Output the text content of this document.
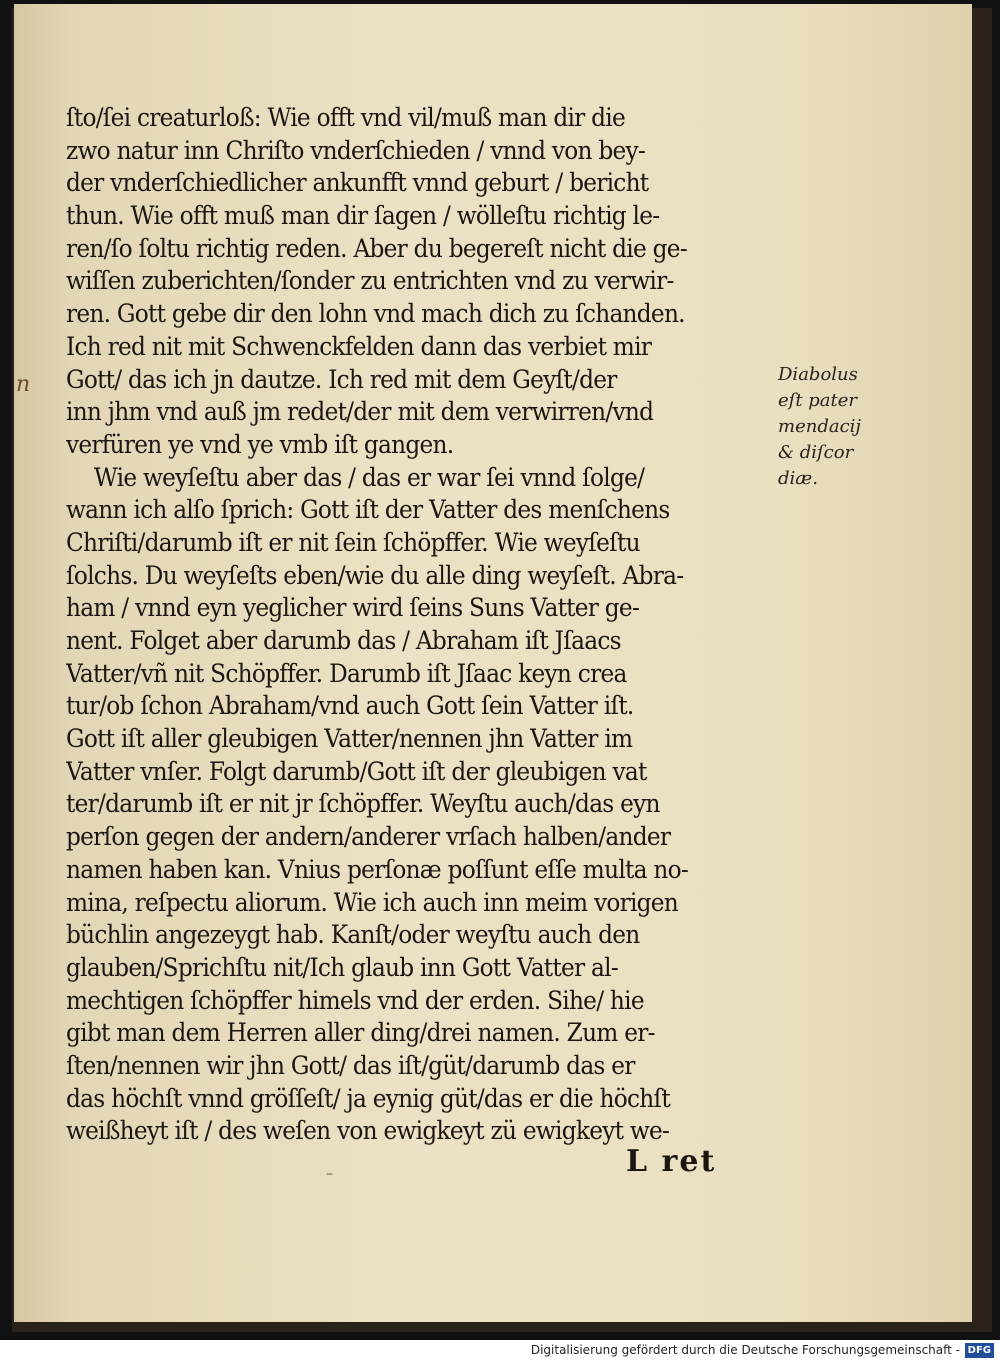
ſto/ſei creaturloß: Wie offt vnd vil/muß man dir die
zwo natur inn Chriſto vnderſchieden / vnnd von bey-
der vnderſchiedlicher ankunfft vnnd geburt / bericht
thun. Wie offt muß man dir ſagen / wölleſtu richtig le-
ren/ſo ſoltu richtig reden. Aber du begereſt nicht die ge-
wiſſen zuberichten/ſonder zu entrichten vnd zu verwir-
ren. Gott gebe dir den lohn vnd mach dich zu ſchanden.
Ich red nit mit Schwenckfelden dann das verbiet mir
Gott/ das ich jn dautze. Ich red mit dem Geyſt/der
inn jhm vnd auß jm redet/der mit dem verwirren/vnd
verfüren ye vnd ye vmb iſt gangen.
Wie weyſeſtu aber das / das er war ſei vnnd ſolge/
wann ich alſo ſprich: Gott iſt der Vatter des menſchens
Chriſti/darumb iſt er nit ſein ſchöpffer. Wie weyſeſtu
ſolchs. Du weyſeſts eben/wie du alle ding weyſeſt. Abra-
ham / vnnd eyn yeglicher wird ſeins Suns Vatter ge-
nent. Folget aber darumb das / Abraham iſt Jſaacs
Vatter/vñ nit Schöpffer. Darumb iſt Jſaac keyn crea
tur/ob ſchon Abraham/vnd auch Gott ſein Vatter iſt.
Gott iſt aller gleubigen Vatter/nennen jhn Vatter im
Vatter vnſer. Folgt darumb/Gott iſt der gleubigen vat
ter/darumb iſt er nit jr ſchöpffer. Weyſtu auch/das eyn
perſon gegen der andern/anderer vrſach halben/ander
namen haben kan. Vnius perſonæ poſſunt eſſe multa no-
mina, reſpectu aliorum. Wie ich auch inn meim vorigen
büchlin angezeygt hab. Kanſt/oder weyſtu auch den
glauben/Sprichſtu nit/Ich glaub inn Gott Vatter al-
mechtigen ſchöpffer himels vnd der erden. Sihe/ hie
gibt man dem Herren aller ding/drei namen. Zum er-
ſten/nennen wir jhn Gott/ das iſt/güt/darumb das er
das höchſt vnnd gröſſeſt/ ja eynig güt/das er die höchſt
weißheyt iſt / des weſen von ewigkeyt zü ewigkeyt we-
Diabolus
eſt pater
mendacij
& diſcor
diæ.
n
–	L ret
Digitalisierung gefördert durch die Deutsche Forschungsgemeinschaft - DFG
